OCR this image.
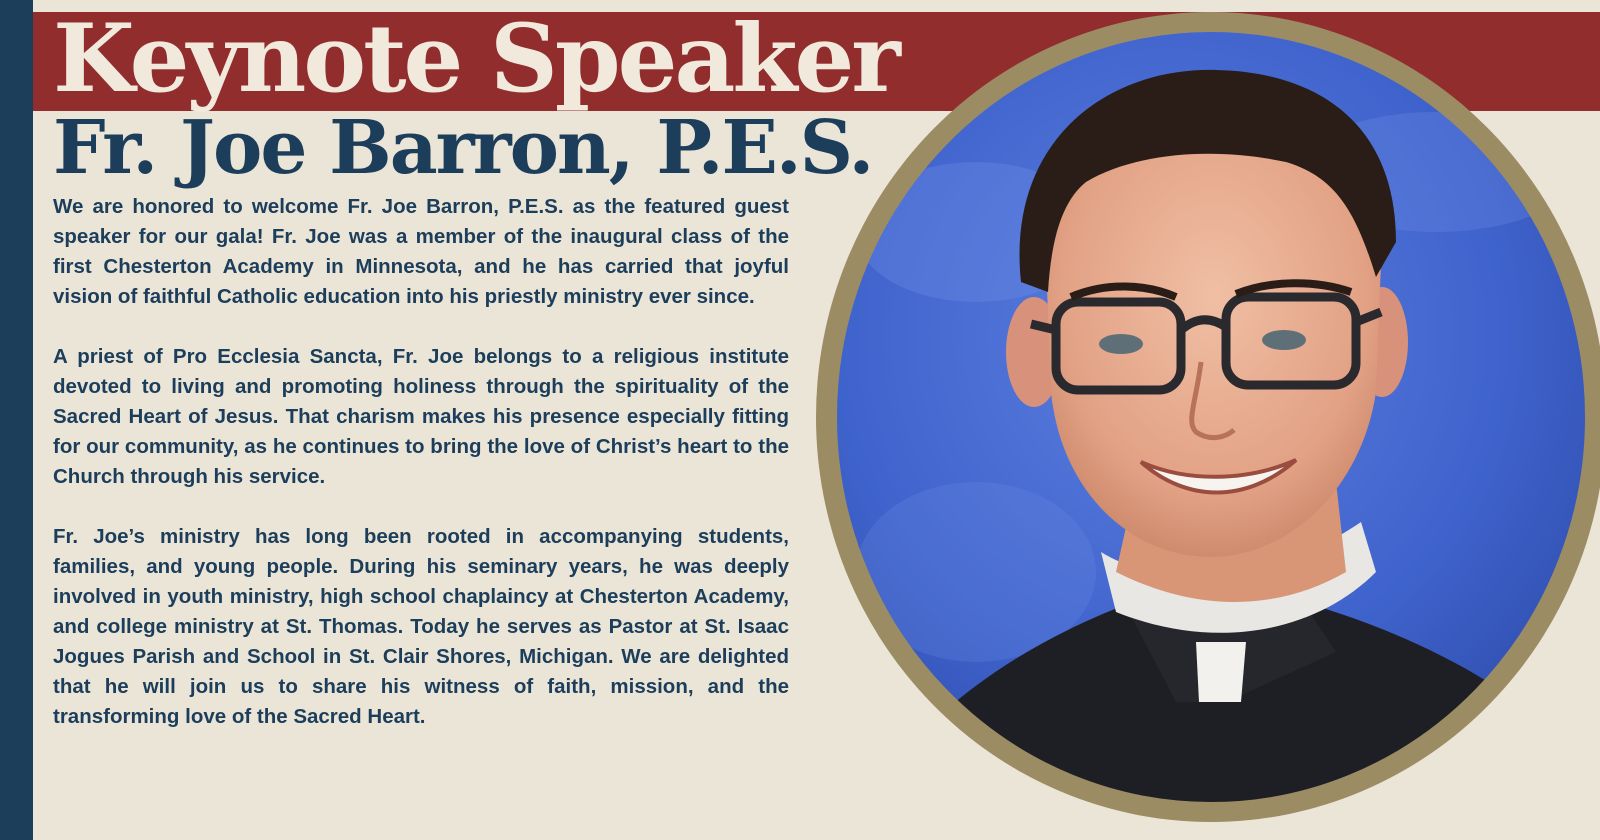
Keynote Speaker
Fr. Joe Barron, P.E.S.

We are honored to welcome Fr. Joe Barron, P.E.S. as the featured guest speaker for our gala! Fr. Joe was a member of the inaugural class of the first Chesterton Academy in Minnesota, and he has carried that joyful vision of faithful Catholic education into his priestly ministry ever since.

A priest of Pro Ecclesia Sancta, Fr. Joe belongs to a religious institute devoted to living and promoting holiness through the spirituality of the Sacred Heart of Jesus. That charism makes his presence especially fitting for our community, as he continues to bring the love of Christ’s heart to the Church through his service.

Fr. Joe’s ministry has long been rooted in accompanying students, families, and young people. During his seminary years, he was deeply involved in youth ministry, high school chaplaincy at Chesterton Academy, and college ministry at St. Thomas. Today he serves as Pastor at St. Isaac Jogues Parish and School in St. Clair Shores, Michigan. We are delighted that he will join us to share his witness of faith, mission, and the transforming love of the Sacred Heart.
